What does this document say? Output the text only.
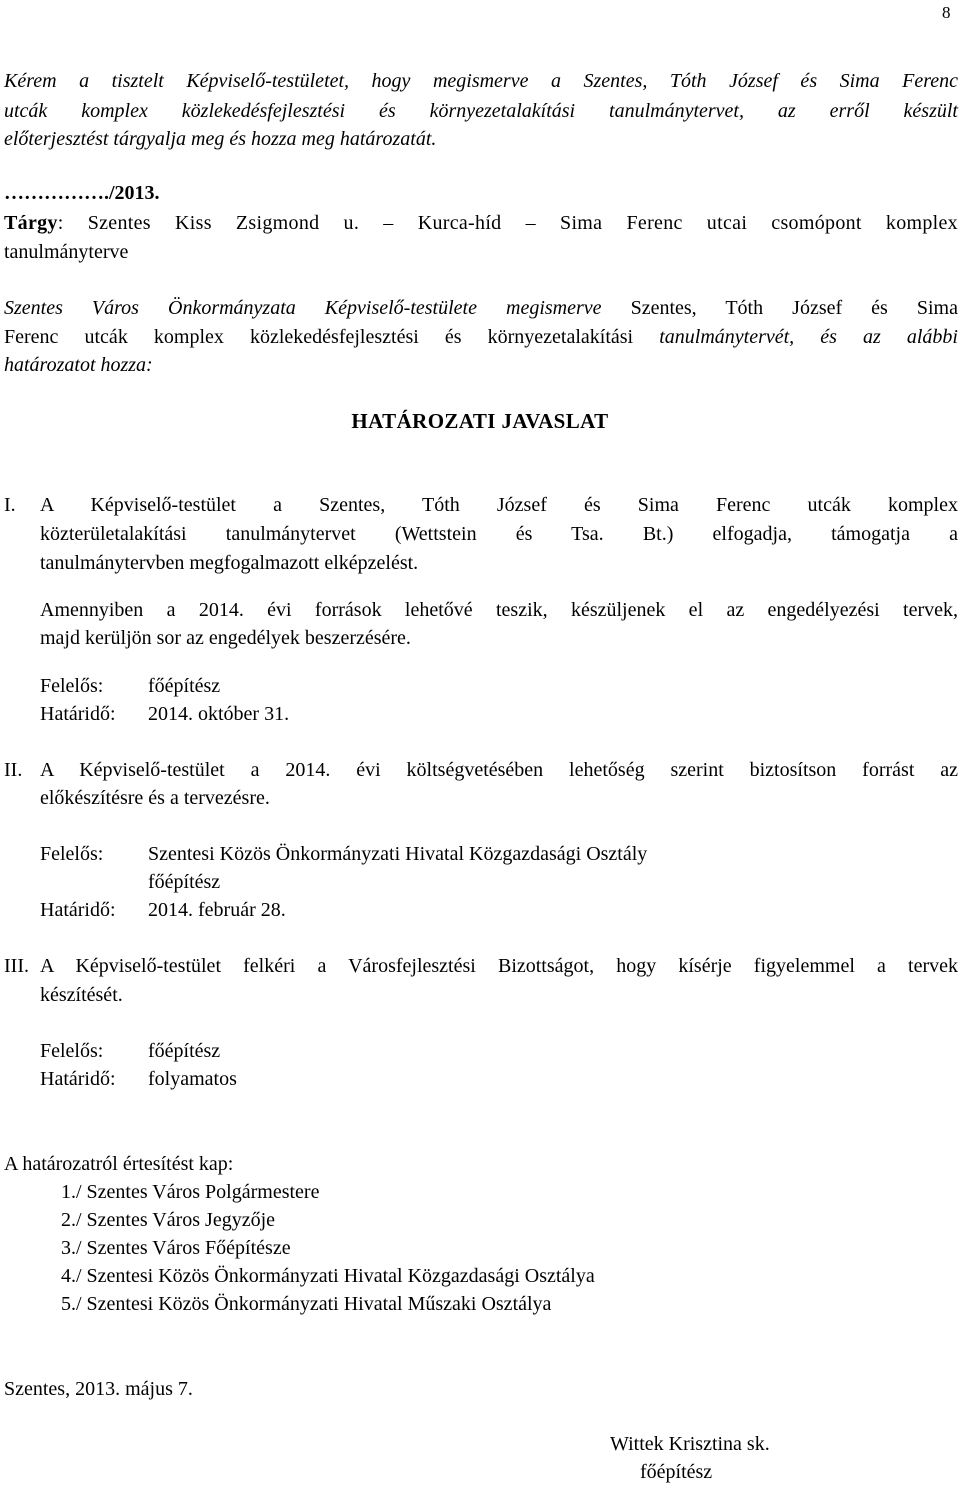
8
Kérem a tisztelt Képviselő-testületet, hogy megismerve a Szentes, Tóth József és Sima Ferenc
utcák komplex közlekedésfejlesztési és környezetalakítási tanulmánytervet, az erről készült
előterjesztést tárgyalja meg és hozza meg határozatát.
……………./2013.
Tárgy: Szentes Kiss Zsigmond u. – Kurca-híd – Sima Ferenc utcai csomópont komplex
tanulmányterve
Szentes Város Önkormányzata Képviselő-testülete megismerve Szentes, Tóth József és Sima
Ferenc utcák komplex közlekedésfejlesztési és környezetalakítási tanulmánytervét, és az alábbi
határozatot hozza:
HATÁROZATI JAVASLAT
I. A Képviselő-testület a Szentes, Tóth József és Sima Ferenc utcák komplex
közterületalakítási tanulmánytervet (Wettstein és Tsa. Bt.) elfogadja, támogatja a
tanulmánytervben megfogalmazott elképzelést.
Amennyiben a 2014. évi források lehetővé teszik, készüljenek el az engedélyezési tervek,
majd kerüljön sor az engedélyek beszerzésére.
Felelős: főépítész
Határidő: 2014. október 31.
II. A Képviselő-testület a 2014. évi költségvetésében lehetőség szerint biztosítson forrást az
előkészítésre és a tervezésre.
Felelős: Szentesi Közös Önkormányzati Hivatal Közgazdasági Osztály
főépítész
Határidő: 2014. február 28.
III. A Képviselő-testület felkéri a Városfejlesztési Bizottságot, hogy kísérje figyelemmel a tervek
készítését.
Felelős: főépítész
Határidő: folyamatos
A határozatról értesítést kap:
1./ Szentes Város Polgármestere
2./ Szentes Város Jegyzője
3./ Szentes Város Főépítésze
4./ Szentesi Közös Önkormányzati Hivatal Közgazdasági Osztálya
5./ Szentesi Közös Önkormányzati Hivatal Műszaki Osztálya
Szentes, 2013. május 7.
Wittek Krisztina sk.
főépítész
